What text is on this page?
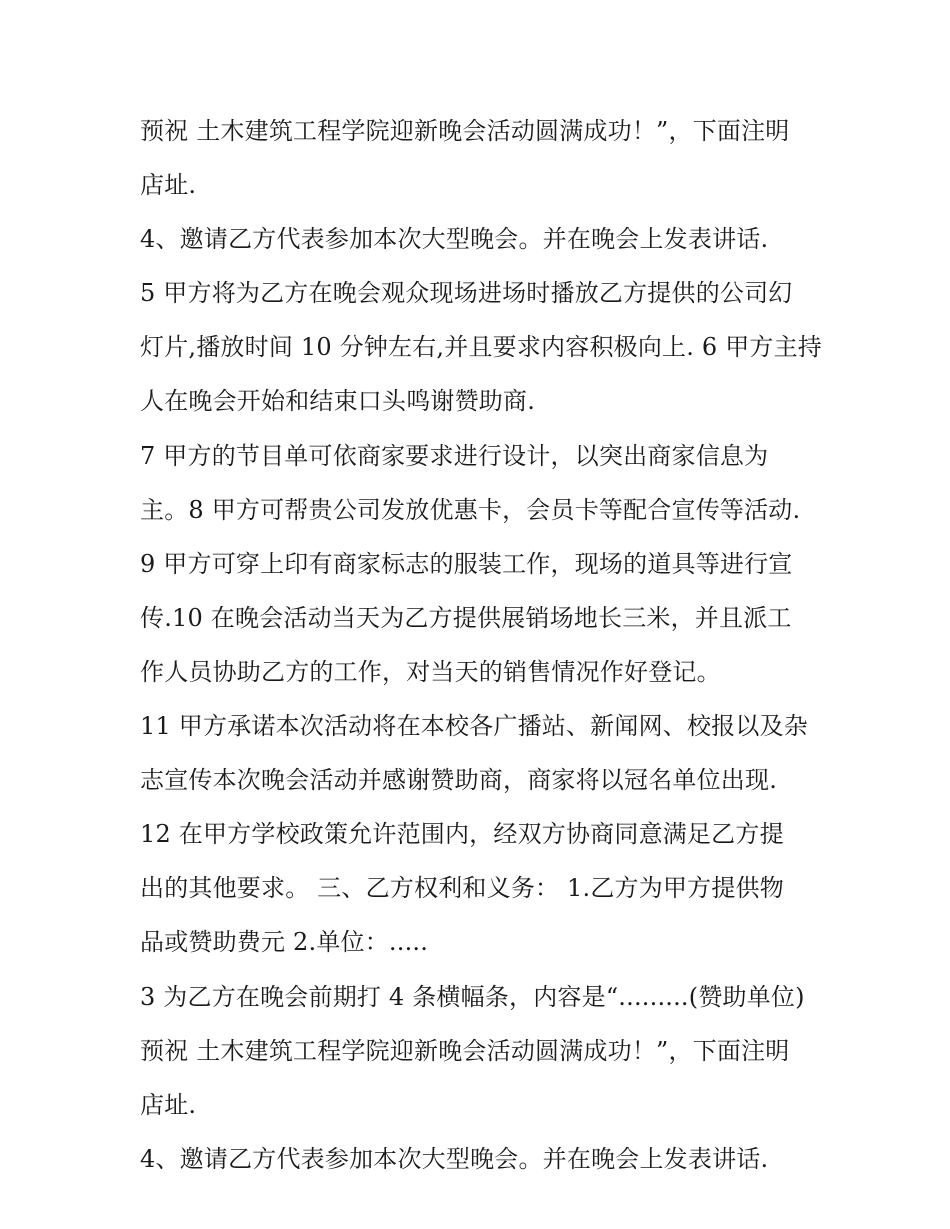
预祝 土木建筑工程学院迎新晚会活动圆满成功！”，下面注明
店址.
4、邀请乙方代表参加本次大型晚会。并在晚会上发表讲话.
5 甲方将为乙方在晚会观众现场进场时播放乙方提供的公司幻
灯片,播放时间 10 分钟左右,并且要求内容积极向上. 6 甲方主持
人在晚会开始和结束口头鸣谢赞助商.
7 甲方的节目单可依商家要求进行设计，以突出商家信息为
主。8 甲方可帮贵公司发放优惠卡，会员卡等配合宣传等活动.
9 甲方可穿上印有商家标志的服装工作，现场的道具等进行宣
传.10 在晚会活动当天为乙方提供展销场地长三米，并且派工
作人员协助乙方的工作，对当天的销售情况作好登记。
11 甲方承诺本次活动将在本校各广播站、新闻网、校报以及杂
志宣传本次晚会活动并感谢赞助商，商家将以冠名单位出现.
12 在甲方学校政策允许范围内，经双方协商同意满足乙方提
出的其他要求。 三、乙方权利和义务： 1.乙方为甲方提供物
品或赞助费元 2.单位：.....
3 为乙方在晚会前期打 4 条横幅条，内容是“.........(赞助单位)
预祝 土木建筑工程学院迎新晚会活动圆满成功！”，下面注明
店址.
4、邀请乙方代表参加本次大型晚会。并在晚会上发表讲话.
